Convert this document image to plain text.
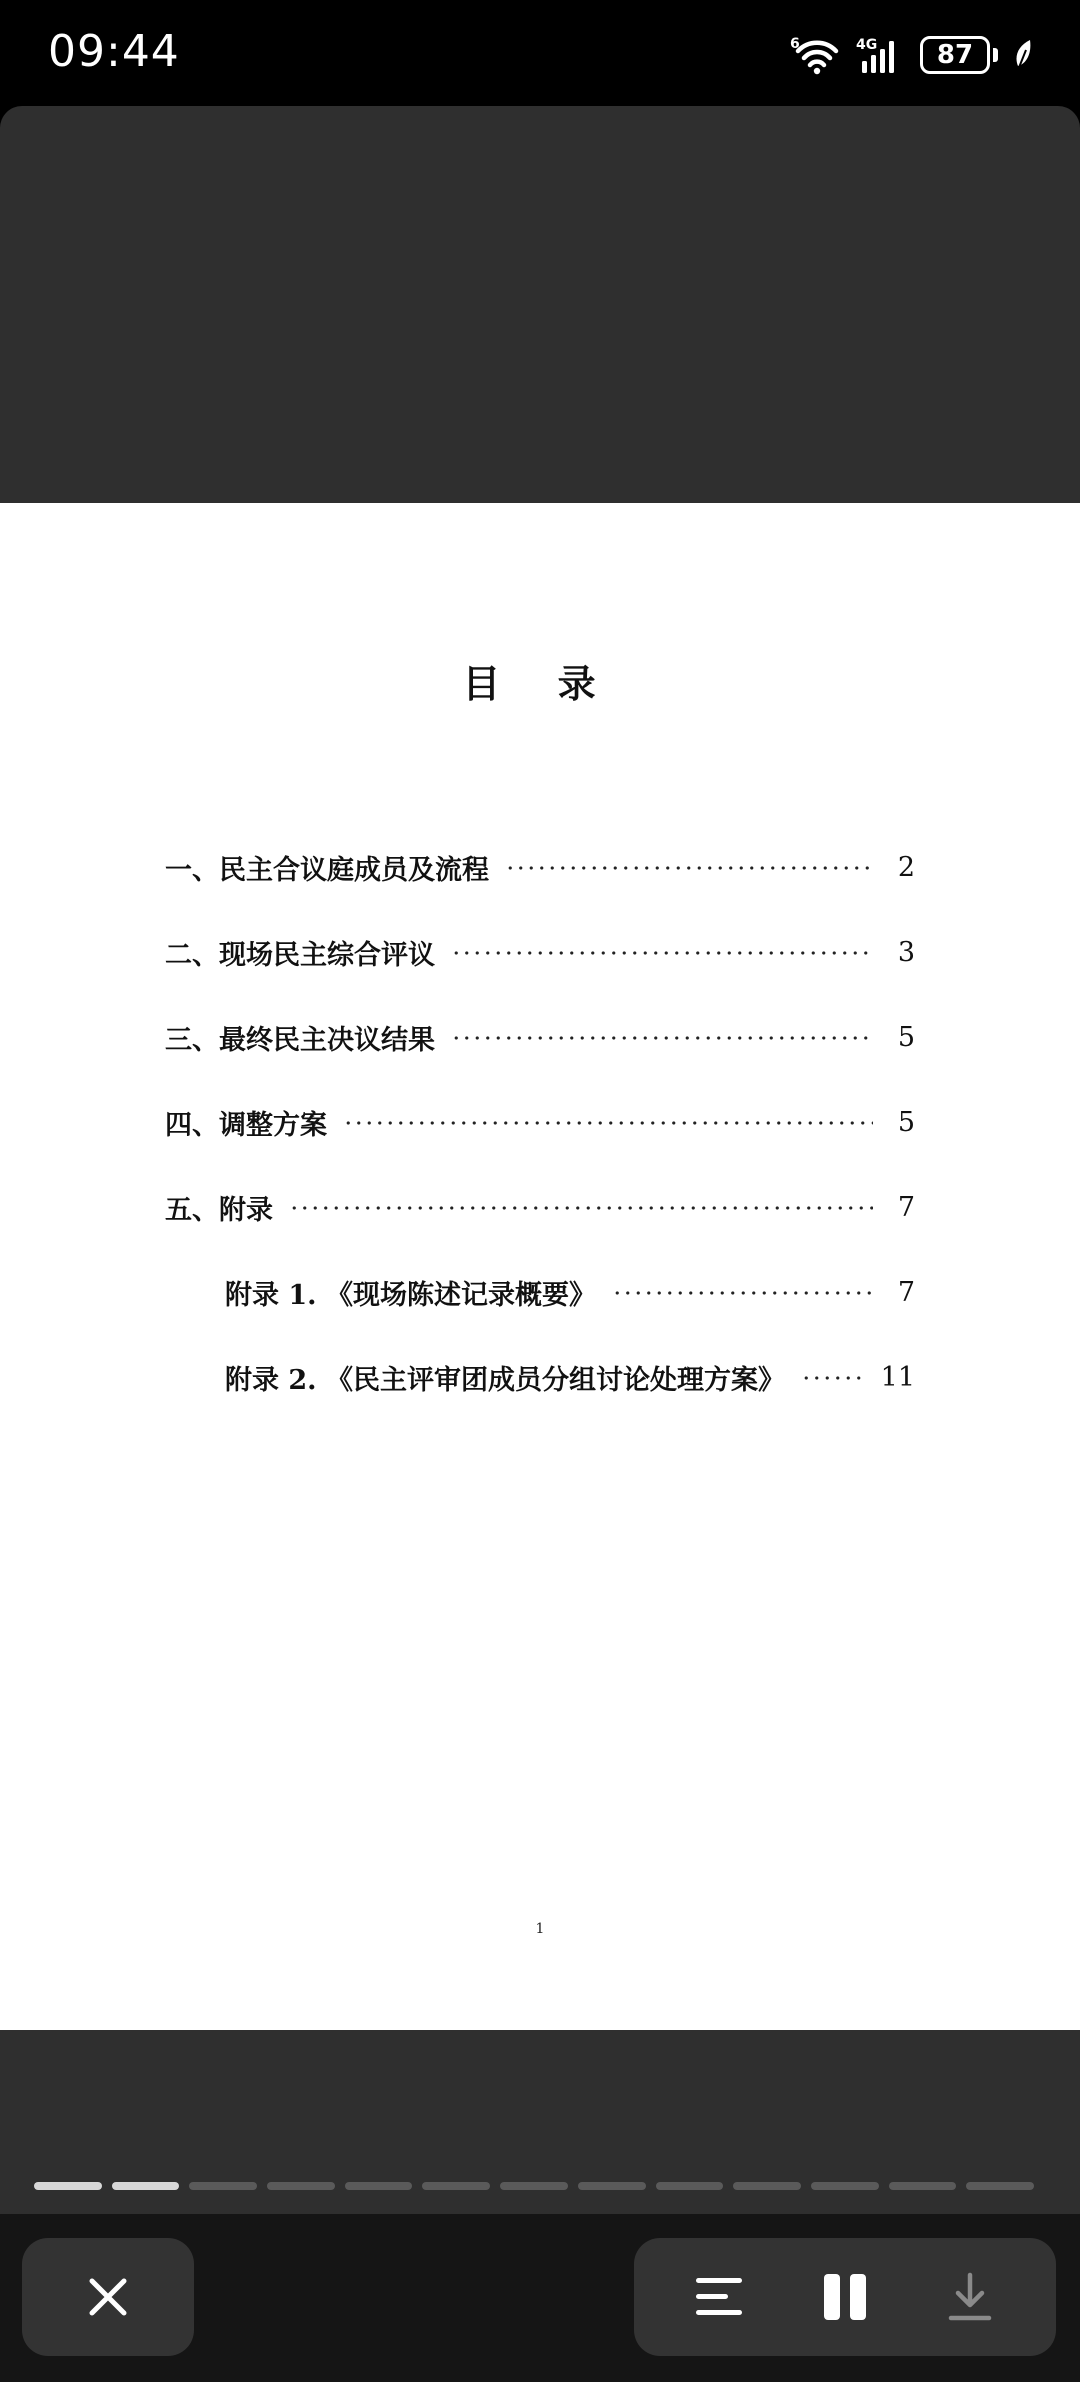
09:44	6	4G 87
目 录
一、民主合议庭成员及流程	2
二、现场民主综合评议	3
三、最终民主决议结果	5
四、调整方案	5
五、附录	7
附录 1. 《现场陈述记录概要》	7
附录 2. 《民主评审团成员分组讨论处理方案》	11
1
